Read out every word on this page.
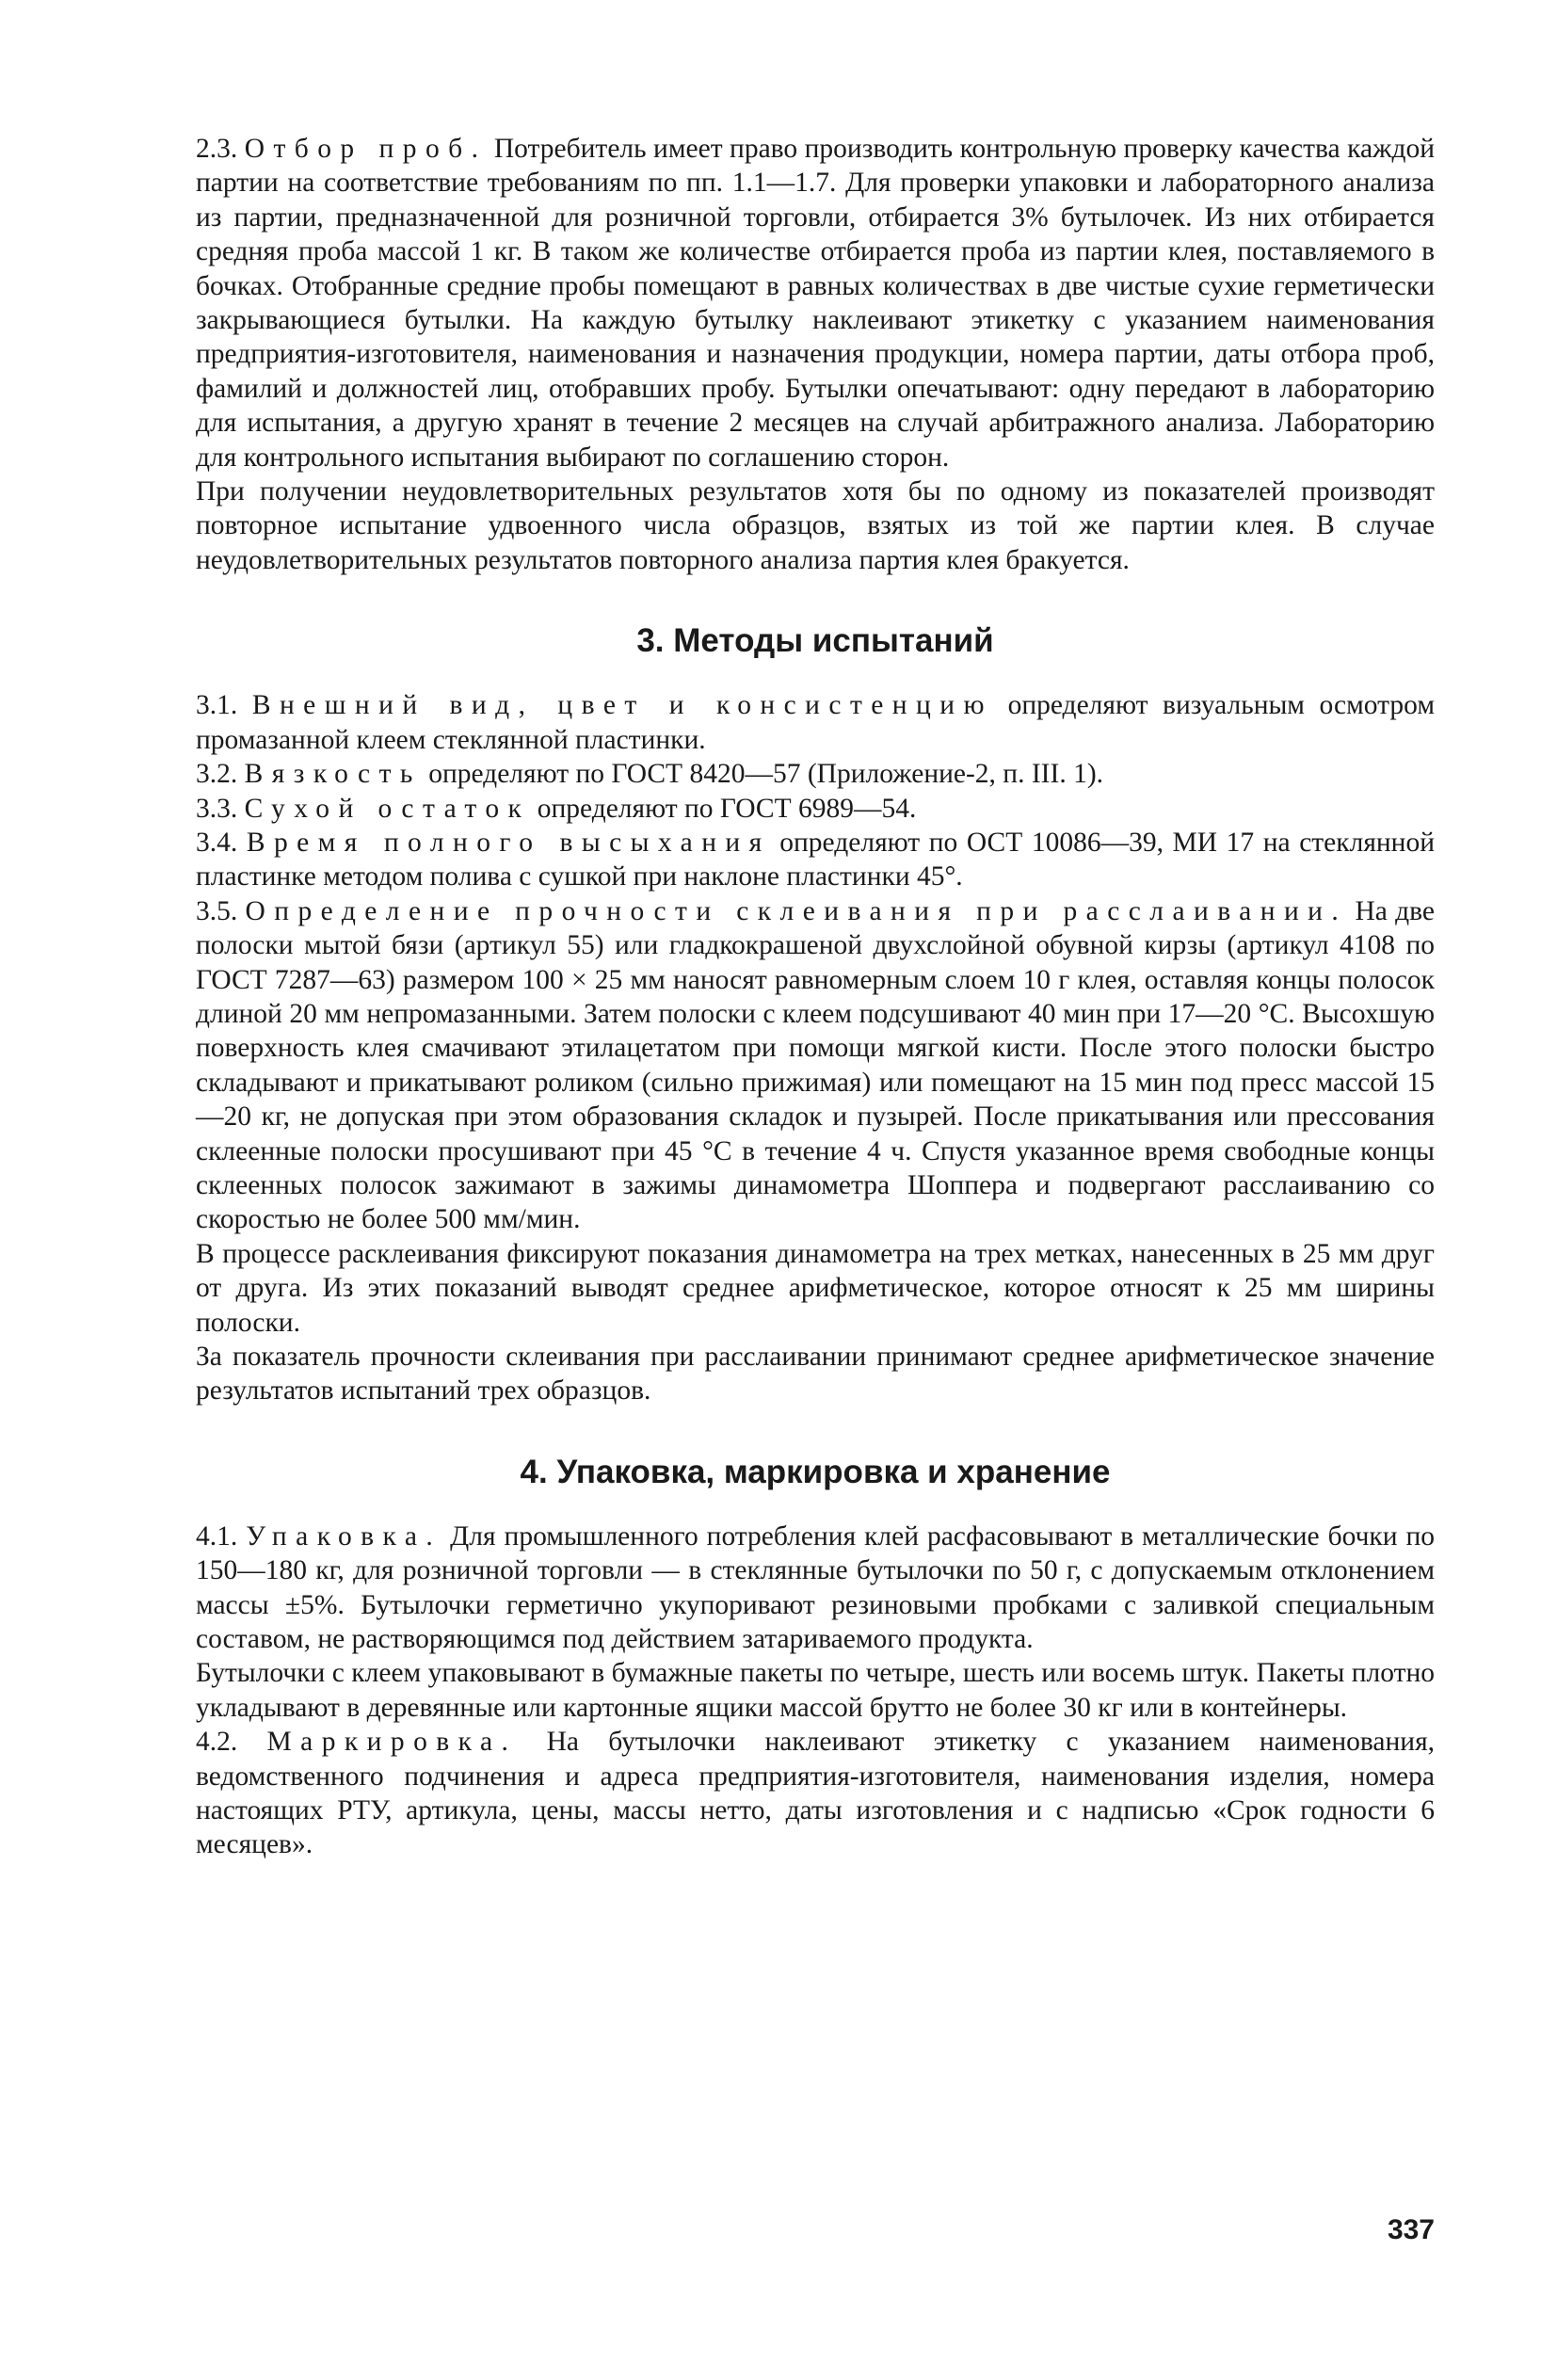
2.3. Отбор проб. Потребитель имеет право производить контрольную проверку качества каждой партии на соответствие требованиям по пп. 1.1—1.7. Для проверки упаковки и лабораторного анализа из партии, предназначенной для розничной торговли, отбирается 3% бутылочек. Из них отбирается средняя проба массой 1 кг. В таком же количестве отбирается проба из партии клея, поставляемого в бочках. Отобранные средние пробы помещают в равных количествах в две чистые сухие герметически закрывающиеся бутылки. На каждую бутылку наклеивают этикетку с указанием наименования предприятия-изготовителя, наименования и назначения продукции, номера партии, даты отбора проб, фамилий и должностей лиц, отобравших пробу. Бутылки опечатывают: одну передают в лабораторию для испытания, а другую хранят в течение 2 месяцев на случай арбитражного анализа. Лабораторию для контрольного испытания выбирают по соглашению сторон.

При получении неудовлетворительных результатов хотя бы по одному из показателей производят повторное испытание удвоенного числа образцов, взятых из той же партии клея. В случае неудовлетворительных результатов повторного анализа партия клея бракуется.

3. Методы испытаний

3.1. Внешний вид, цвет и консистенцию определяют визуальным осмотром промазанной клеем стеклянной пластинки.

3.2. Вязкость определяют по ГОСТ 8420—57 (Приложение-2, п. III. 1).

3.3. Сухой остаток определяют по ГОСТ 6989—54.

3.4. Время полного высыхания определяют по ОСТ 10086—39, МИ 17 на стеклянной пластинке методом полива с сушкой при наклоне пластинки 45°.

3.5. Определение прочности склеивания при расслаивании. На две полоски мытой бязи (артикул 55) или гладкокрашеной двухслойной обувной кирзы (артикул 4108 по ГОСТ 7287—63) размером 100 × 25 мм наносят равномерным слоем 10 г клея, оставляя концы полосок длиной 20 мм непромазанными. Затем полоски с клеем подсушивают 40 мин при 17—20 °С. Высохшую поверхность клея смачивают этилацетатом при помощи мягкой кисти. После этого полоски быстро складывают и прикатывают роликом (сильно прижимая) или помещают на 15 мин под пресс массой 15—20 кг, не допуская при этом образования складок и пузырей. После прикатывания или прессования склеенные полоски просушивают при 45 °С в течение 4 ч. Спустя указанное время свободные концы склеенных полосок зажимают в зажимы динамометра Шоппера и подвергают расслаиванию со скоростью не более 500 мм/мин.

В процессе расклеивания фиксируют показания динамометра на трех метках, нанесенных в 25 мм друг от друга. Из этих показаний выводят среднее арифметическое, которое относят к 25 мм ширины полоски.

За показатель прочности склеивания при расслаивании принимают среднее арифметическое значение результатов испытаний трех образцов.

4. Упаковка, маркировка и хранение

4.1. Упаковка. Для промышленного потребления клей расфасовывают в металлические бочки по 150—180 кг, для розничной торговли — в стеклянные бутылочки по 50 г, с допускаемым отклонением массы ±5%. Бутылочки герметично укупоривают резиновыми пробками с заливкой специальным составом, не растворяющимся под действием затариваемого продукта.

Бутылочки с клеем упаковывают в бумажные пакеты по четыре, шесть или восемь штук. Пакеты плотно укладывают в деревянные или картонные ящики массой брутто не более 30 кг или в контейнеры.

4.2. Маркировка. На бутылочки наклеивают этикетку с указанием наименования, ведомственного подчинения и адреса предприятия-изготовителя, наименования изделия, номера настоящих РТУ, артикула, цены, массы нетто, даты изготовления и с надписью «Срок годности 6 месяцев».

337
